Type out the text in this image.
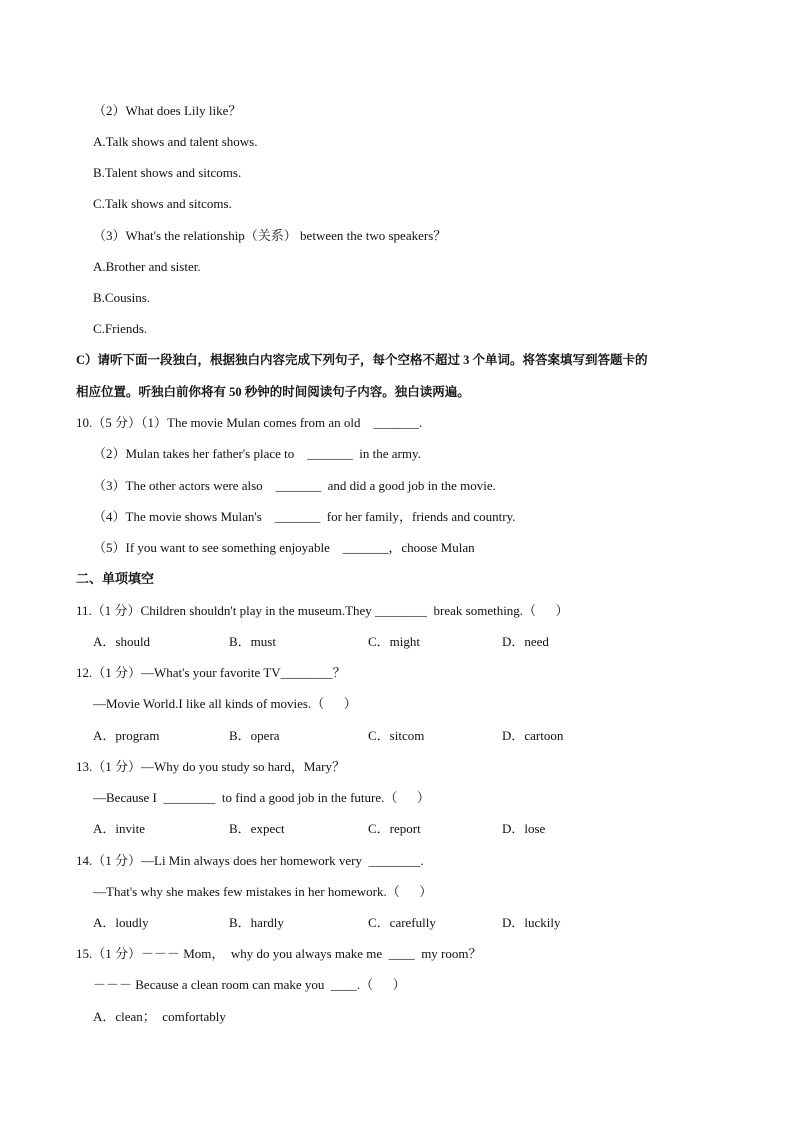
（2）What does Lily like？
A.Talk shows and talent shows.
B.Talent shows and sitcoms.
C.Talk shows and sitcoms.
（3）What's the relationship（关系） between the two speakers？
A.Brother and sister.
B.Cousins.
C.Friends.
C）请听下面一段独白，根据独白内容完成下列句子，每个空格不超过 3 个单词。将答案填写到答题卡的
相应位置。听独白前你将有 50 秒钟的时间阅读句子内容。独白读两遍。
10.（5 分）（1）The movie Mulan comes from an old    _______.
（2）Mulan takes her father's place to    _______  in the army.
（3）The other actors were also    _______  and did a good job in the movie.
（4）The movie shows Mulan's    _______  for her family，friends and country.
（5）If you want to see something enjoyable    _______，choose Mulan
二、单项填空
11.（1 分）Children shouldn't play in the museum.They ________  break something.（      ）
A．should	B．must	C．might	D．need
12.（1 分）—What's your favorite TV________？
—Movie World.I like all kinds of movies.（      ）
A．program	B．opera	C．sitcom	D．cartoon
13.（1 分）—Why do you study so hard，Mary？
—Because I  ________  to find a good job in the future.（      ）
A．invite	B．expect	C．report	D．lose
14.（1 分）—Li Min always does her homework very  ________.
—That's why she makes few mistakes in her homework.（      ）
A．loudly	B．hardly	C．carefully	D．luckily
15.（1 分）－－－ Mom，  why do you always make me  ____  my room？
－－－ Because a clean room can make you  ____.（      ）
A．clean；  comfortably
